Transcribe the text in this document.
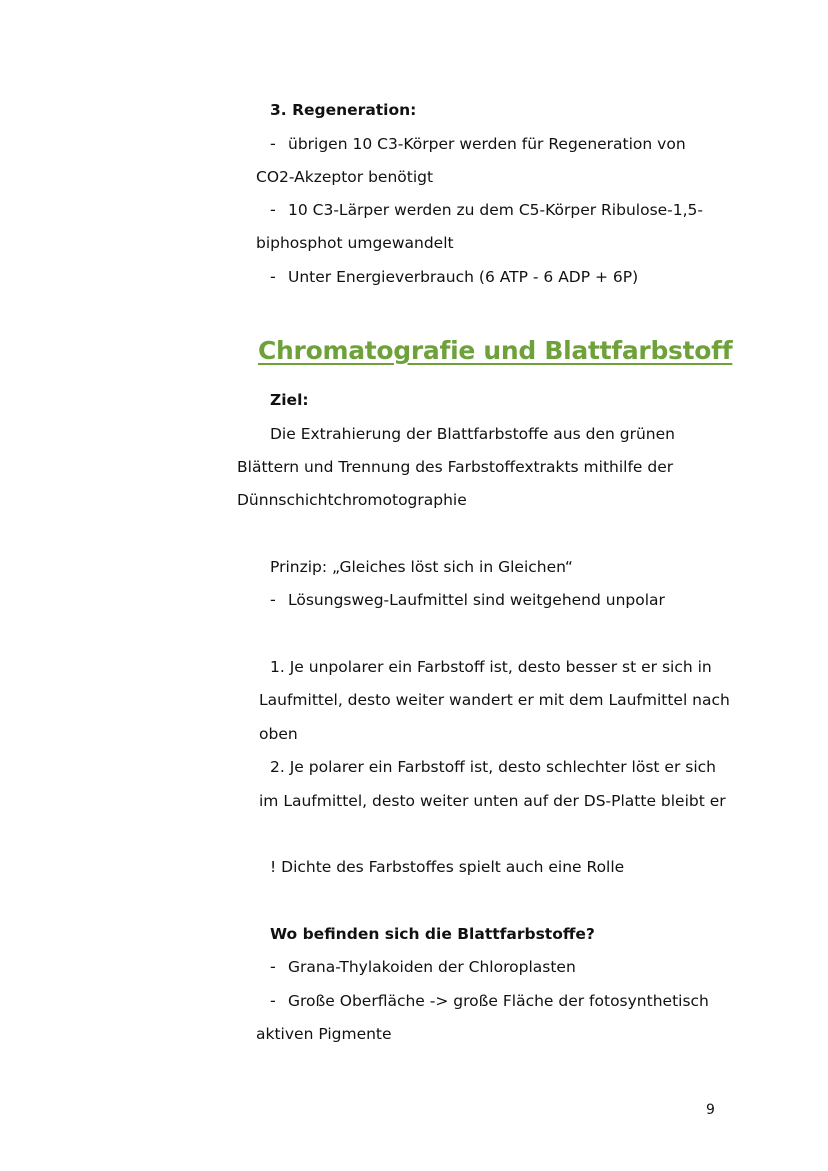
3. Regeneration:
- übrigen 10 C3-Körper werden für Regeneration von
CO2-Akzeptor benötigt
- 10 C3-Lärper werden zu dem C5-Körper Ribulose-1,5-
biphosphot umgewandelt
- Unter Energieverbrauch (6 ATP - 6 ADP + 6P)
Chromatografie und Blattfarbstoff
Ziel:
Die Extrahierung der Blattfarbstoffe aus den grünen
Blättern und Trennung des Farbstoffextrakts mithilfe der
Dünnschichtchromotographie
Prinzip: „Gleiches löst sich in Gleichen“
- Lösungsweg-Laufmittel sind weitgehend unpolar
1. Je unpolarer ein Farbstoff ist, desto besser st er sich in
Laufmittel, desto weiter wandert er mit dem Laufmittel nach
oben
2. Je polarer ein Farbstoff ist, desto schlechter löst er sich
im Laufmittel, desto weiter unten auf der DS-Platte bleibt er
! Dichte des Farbstoffes spielt auch eine Rolle
Wo befinden sich die Blattfarbstoffe?
- Grana-Thylakoiden der Chloroplasten
- Große Oberfläche -> große Fläche der fotosynthetisch
aktiven Pigmente
9
